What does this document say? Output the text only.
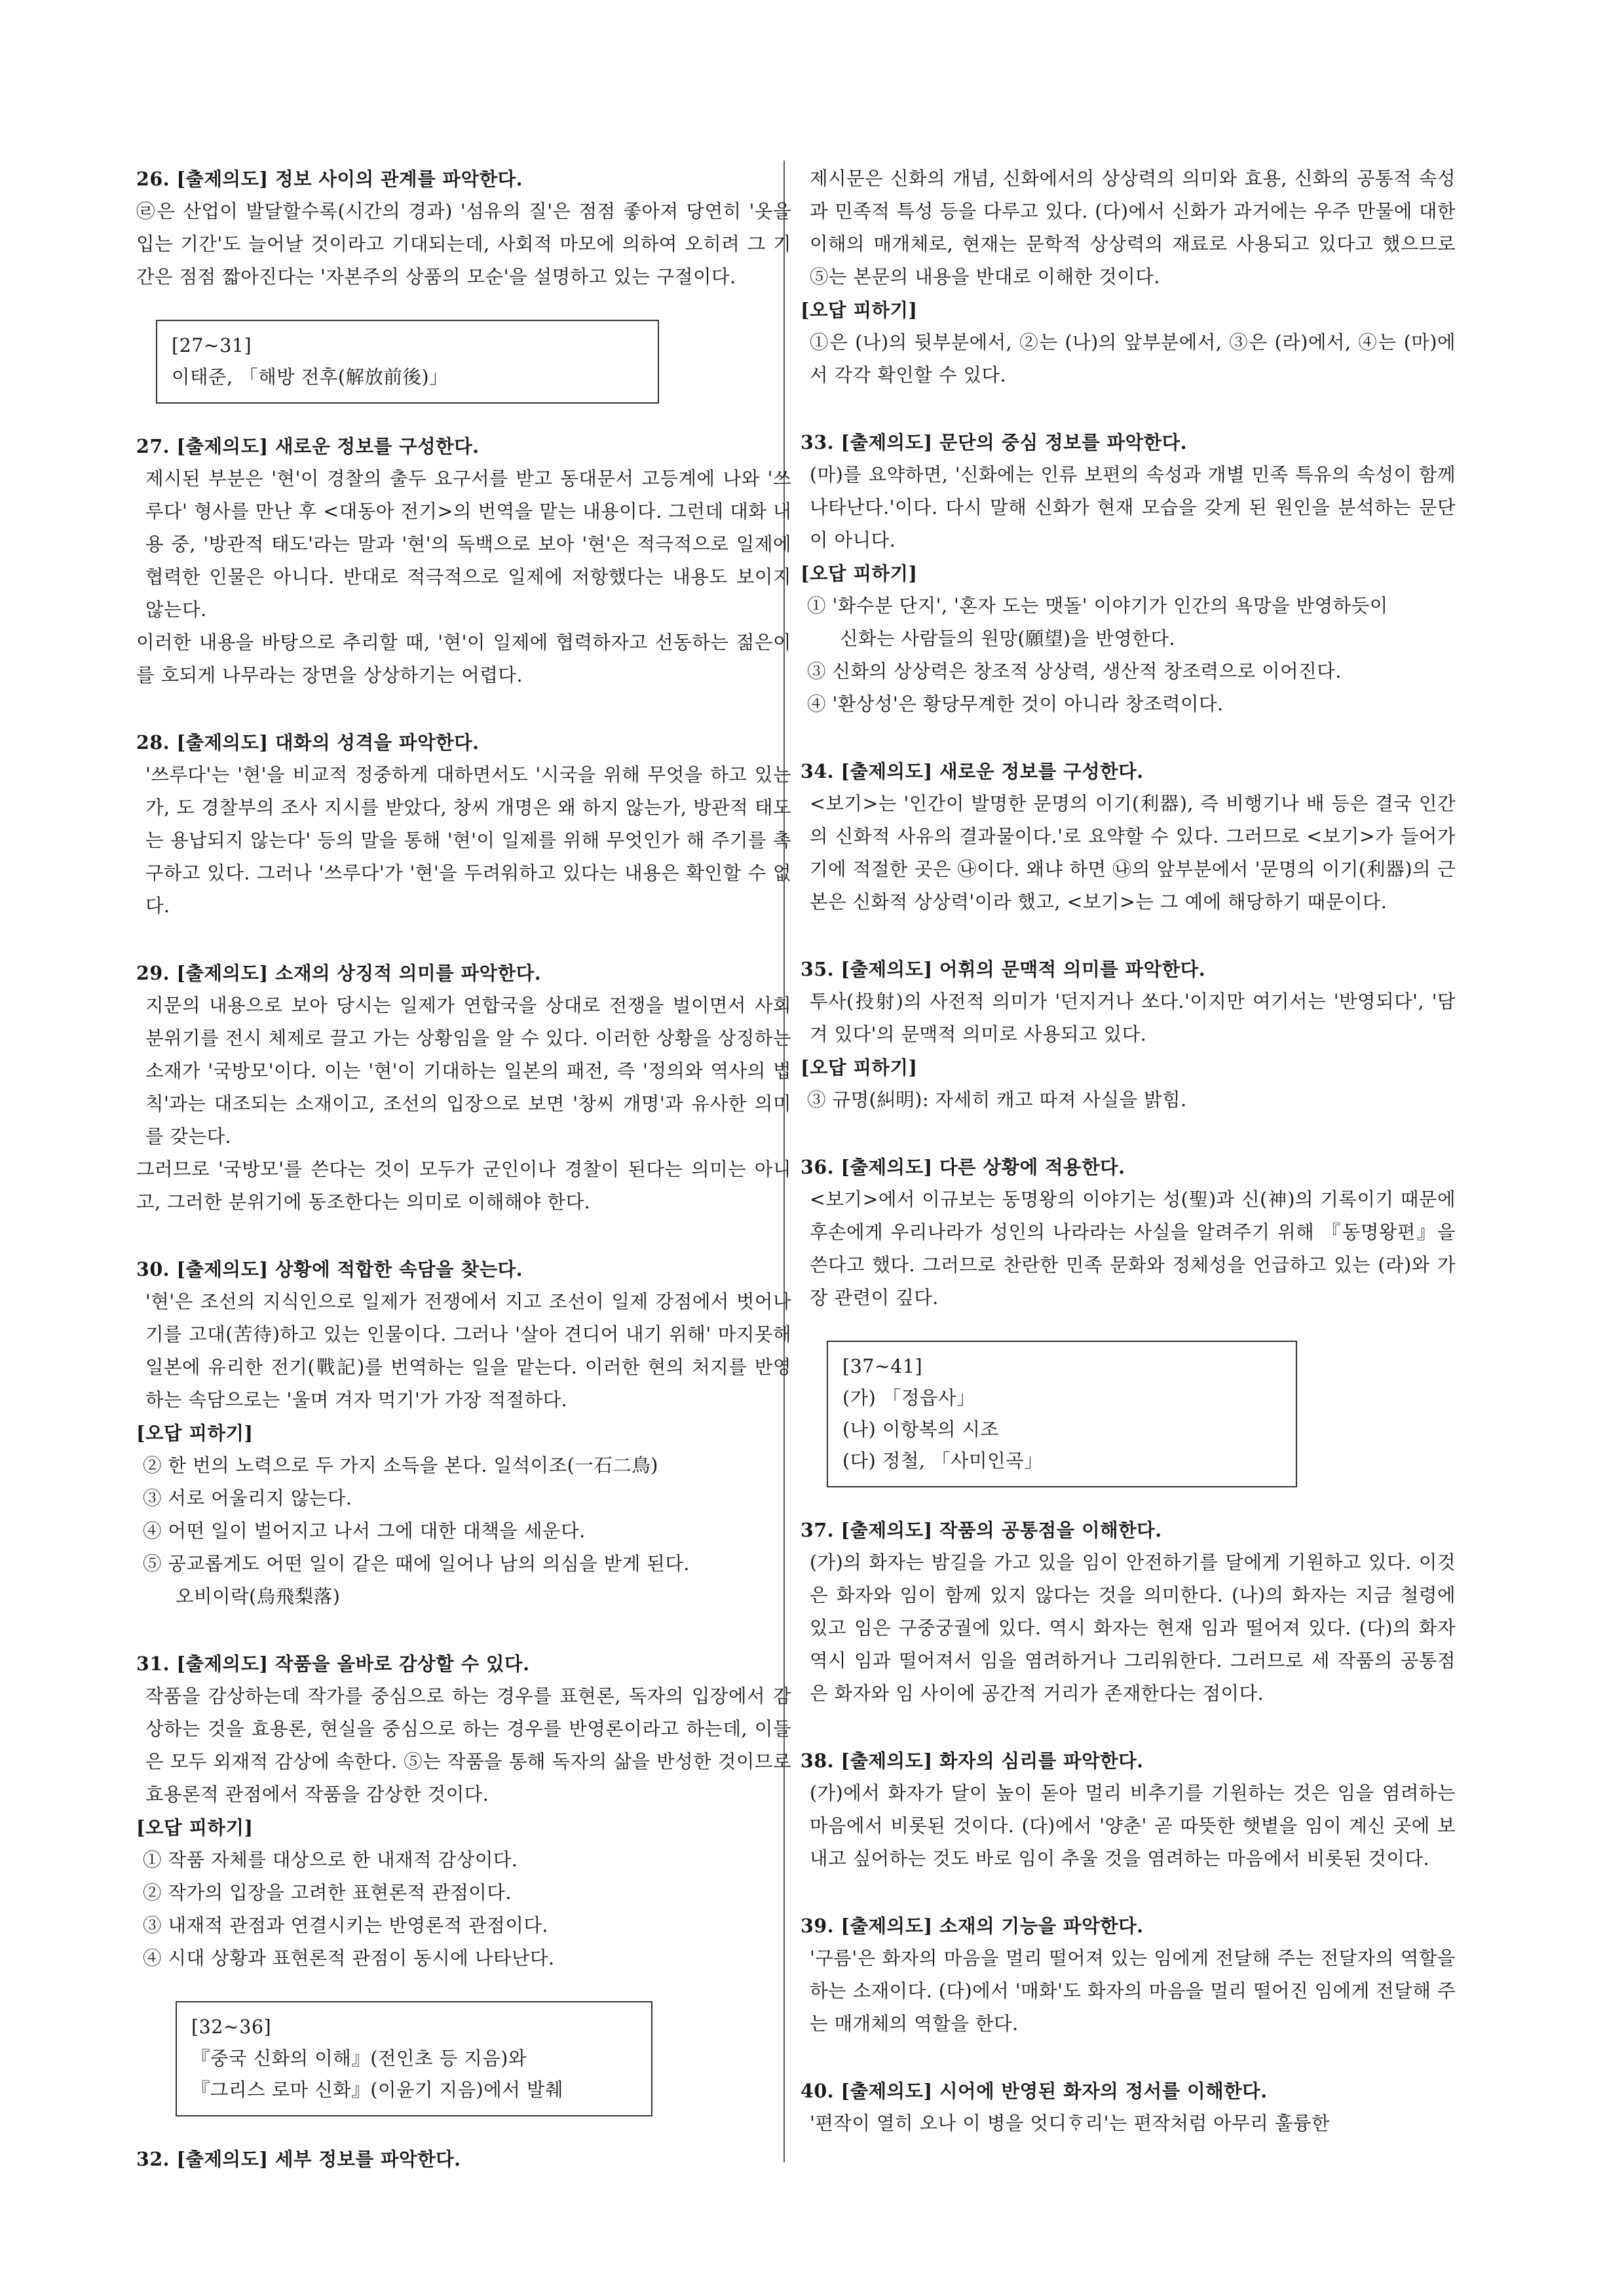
26. [출제의도] 정보 사이의 관계를 파악한다.

㉣은 산업이 발달할수록(시간의 경과) '섬유의 질'은 점점 좋아져 당연히 '옷을 입는 기간'도 늘어날 것이라고 기대되는데, 사회적 마모에 의하여 오히려 그 기간은 점점 짧아진다는 '자본주의 상품의 모순'을 설명하고 있는 구절이다.

[27~31]

이태준, 「해방 전후(解放前後)」

27. [출제의도] 새로운 정보를 구성한다.

제시된 부분은 '현'이 경찰의 출두 요구서를 받고 동대문서 고등계에 나와 '쓰루다' 형사를 만난 후 <대동아 전기>의 번역을 맡는 내용이다. 그런데 대화 내용 중, '방관적 태도'라는 말과 '현'의 독백으로 보아 '현'은 적극적으로 일제에 협력한 인물은 아니다. 반대로 적극적으로 일제에 저항했다는 내용도 보이지 않는다.

이러한 내용을 바탕으로 추리할 때, '현'이 일제에 협력하자고 선동하는 젊은이를 호되게 나무라는 장면을 상상하기는 어렵다.

28. [출제의도] 대화의 성격을 파악한다.

'쓰루다'는 '현'을 비교적 정중하게 대하면서도 '시국을 위해 무엇을 하고 있는가, 도 경찰부의 조사 지시를 받았다, 창씨 개명은 왜 하지 않는가, 방관적 태도는 용납되지 않는다' 등의 말을 통해 '현'이 일제를 위해 무엇인가 해 주기를 촉구하고 있다. 그러나 '쓰루다'가 '현'을 두려워하고 있다는 내용은 확인할 수 없다.

29. [출제의도] 소재의 상징적 의미를 파악한다.

지문의 내용으로 보아 당시는 일제가 연합국을 상대로 전쟁을 벌이면서 사회 분위기를 전시 체제로 끌고 가는 상황임을 알 수 있다. 이러한 상황을 상징하는 소재가 '국방모'이다. 이는 '현'이 기대하는 일본의 패전, 즉 '정의와 역사의 법칙'과는 대조되는 소재이고, 조선의 입장으로 보면 '창씨 개명'과 유사한 의미를 갖는다.

그러므로 '국방모'를 쓴다는 것이 모두가 군인이나 경찰이 된다는 의미는 아니고, 그러한 분위기에 동조한다는 의미로 이해해야 한다.

30. [출제의도] 상황에 적합한 속담을 찾는다.

'현'은 조선의 지식인으로 일제가 전쟁에서 지고 조선이 일제 강점에서 벗어나기를 고대(苦待)하고 있는 인물이다. 그러나 '살아 견디어 내기 위해' 마지못해 일본에 유리한 전기(戰記)를 번역하는 일을 맡는다. 이러한 현의 처지를 반영하는 속담으로는 '울며 겨자 먹기'가 가장 적절하다.

[오답 피하기]

② 한 번의 노력으로 두 가지 소득을 본다. 일석이조(一石二鳥)

③ 서로 어울리지 않는다.

④ 어떤 일이 벌어지고 나서 그에 대한 대책을 세운다.

⑤ 공교롭게도 어떤 일이 같은 때에 일어나 남의 의심을 받게 된다.

오비이락(烏飛梨落)

31. [출제의도] 작품을 올바로 감상할 수 있다.

작품을 감상하는데 작가를 중심으로 하는 경우를 표현론, 독자의 입장에서 감상하는 것을 효용론, 현실을 중심으로 하는 경우를 반영론이라고 하는데, 이들은 모두 외재적 감상에 속한다. ⑤는 작품을 통해 독자의 삶을 반성한 것이므로 효용론적 관점에서 작품을 감상한 것이다.

[오답 피하기]

① 작품 자체를 대상으로 한 내재적 감상이다.

② 작가의 입장을 고려한 표현론적 관점이다.

③ 내재적 관점과 연결시키는 반영론적 관점이다.

④ 시대 상황과 표현론적 관점이 동시에 나타난다.

[32~36]

『중국 신화의 이해』(전인초 등 지음)와

『그리스 로마 신화』(이윤기 지음)에서 발췌

32. [출제의도] 세부 정보를 파악한다.

제시문은 신화의 개념, 신화에서의 상상력의 의미와 효용, 신화의 공통적 속성과 민족적 특성 등을 다루고 있다. (다)에서 신화가 과거에는 우주 만물에 대한 이해의 매개체로, 현재는 문학적 상상력의 재료로 사용되고 있다고 했으므로 ⑤는 본문의 내용을 반대로 이해한 것이다.

[오답 피하기]

①은 (나)의 뒷부분에서, ②는 (나)의 앞부분에서, ③은 (라)에서, ④는 (마)에서 각각 확인할 수 있다.

33. [출제의도] 문단의 중심 정보를 파악한다.

(마)를 요약하면, '신화에는 인류 보편의 속성과 개별 민족 특유의 속성이 함께 나타난다.'이다. 다시 말해 신화가 현재 모습을 갖게 된 원인을 분석하는 문단이 아니다.

[오답 피하기]

① '화수분 단지', '혼자 도는 맷돌' 이야기가 인간의 욕망을 반영하듯이

신화는 사람들의 원망(願望)을 반영한다.

③ 신화의 상상력은 창조적 상상력, 생산적 창조력으로 이어진다.

④ '환상성'은 황당무계한 것이 아니라 창조력이다.

34. [출제의도] 새로운 정보를 구성한다.

<보기>는 '인간이 발명한 문명의 이기(利器), 즉 비행기나 배 등은 결국 인간의 신화적 사유의 결과물이다.'로 요약할 수 있다. 그러므로 <보기>가 들어가기에 적절한 곳은 ㉯이다. 왜냐 하면 ㉯의 앞부분에서 '문명의 이기(利器)의 근본은 신화적 상상력'이라 했고, <보기>는 그 예에 해당하기 때문이다.

35. [출제의도] 어휘의 문맥적 의미를 파악한다.

투사(投射)의 사전적 의미가 '던지거나 쏘다.'이지만 여기서는 '반영되다', '담겨 있다'의 문맥적 의미로 사용되고 있다.

[오답 피하기]

③ 규명(糾明): 자세히 캐고 따져 사실을 밝힘.

36. [출제의도] 다른 상황에 적용한다.

<보기>에서 이규보는 동명왕의 이야기는 성(聖)과 신(神)의 기록이기 때문에 후손에게 우리나라가 성인의 나라라는 사실을 알려주기 위해 『동명왕편』을 쓴다고 했다. 그러므로 찬란한 민족 문화와 정체성을 언급하고 있는 (라)와 가장 관련이 깊다.

[37~41]

(가) 「정읍사」

(나) 이항복의 시조

(다) 정철, 「사미인곡」

37. [출제의도] 작품의 공통점을 이해한다.

(가)의 화자는 밤길을 가고 있을 임이 안전하기를 달에게 기원하고 있다. 이것은 화자와 임이 함께 있지 않다는 것을 의미한다. (나)의 화자는 지금 철령에 있고 임은 구중궁궐에 있다. 역시 화자는 현재 임과 떨어져 있다. (다)의 화자 역시 임과 떨어져서 임을 염려하거나 그리워한다. 그러므로 세 작품의 공통점은 화자와 임 사이에 공간적 거리가 존재한다는 점이다.

38. [출제의도] 화자의 심리를 파악한다.

(가)에서 화자가 달이 높이 돋아 멀리 비추기를 기원하는 것은 임을 염려하는 마음에서 비롯된 것이다. (다)에서 '양춘' 곧 따뜻한 햇볕을 임이 계신 곳에 보내고 싶어하는 것도 바로 임이 추울 것을 염려하는 마음에서 비롯된 것이다.

39. [출제의도] 소재의 기능을 파악한다.

'구름'은 화자의 마음을 멀리 떨어져 있는 임에게 전달해 주는 전달자의 역할을 하는 소재이다. (다)에서 '매화'도 화자의 마음을 멀리 떨어진 임에게 전달해 주는 매개체의 역할을 한다.

40. [출제의도] 시어에 반영된 화자의 정서를 이해한다.

'편작이 열히 오나 이 병을 엇디ᄒᆞ리'는 편작처럼 아무리 훌륭한
